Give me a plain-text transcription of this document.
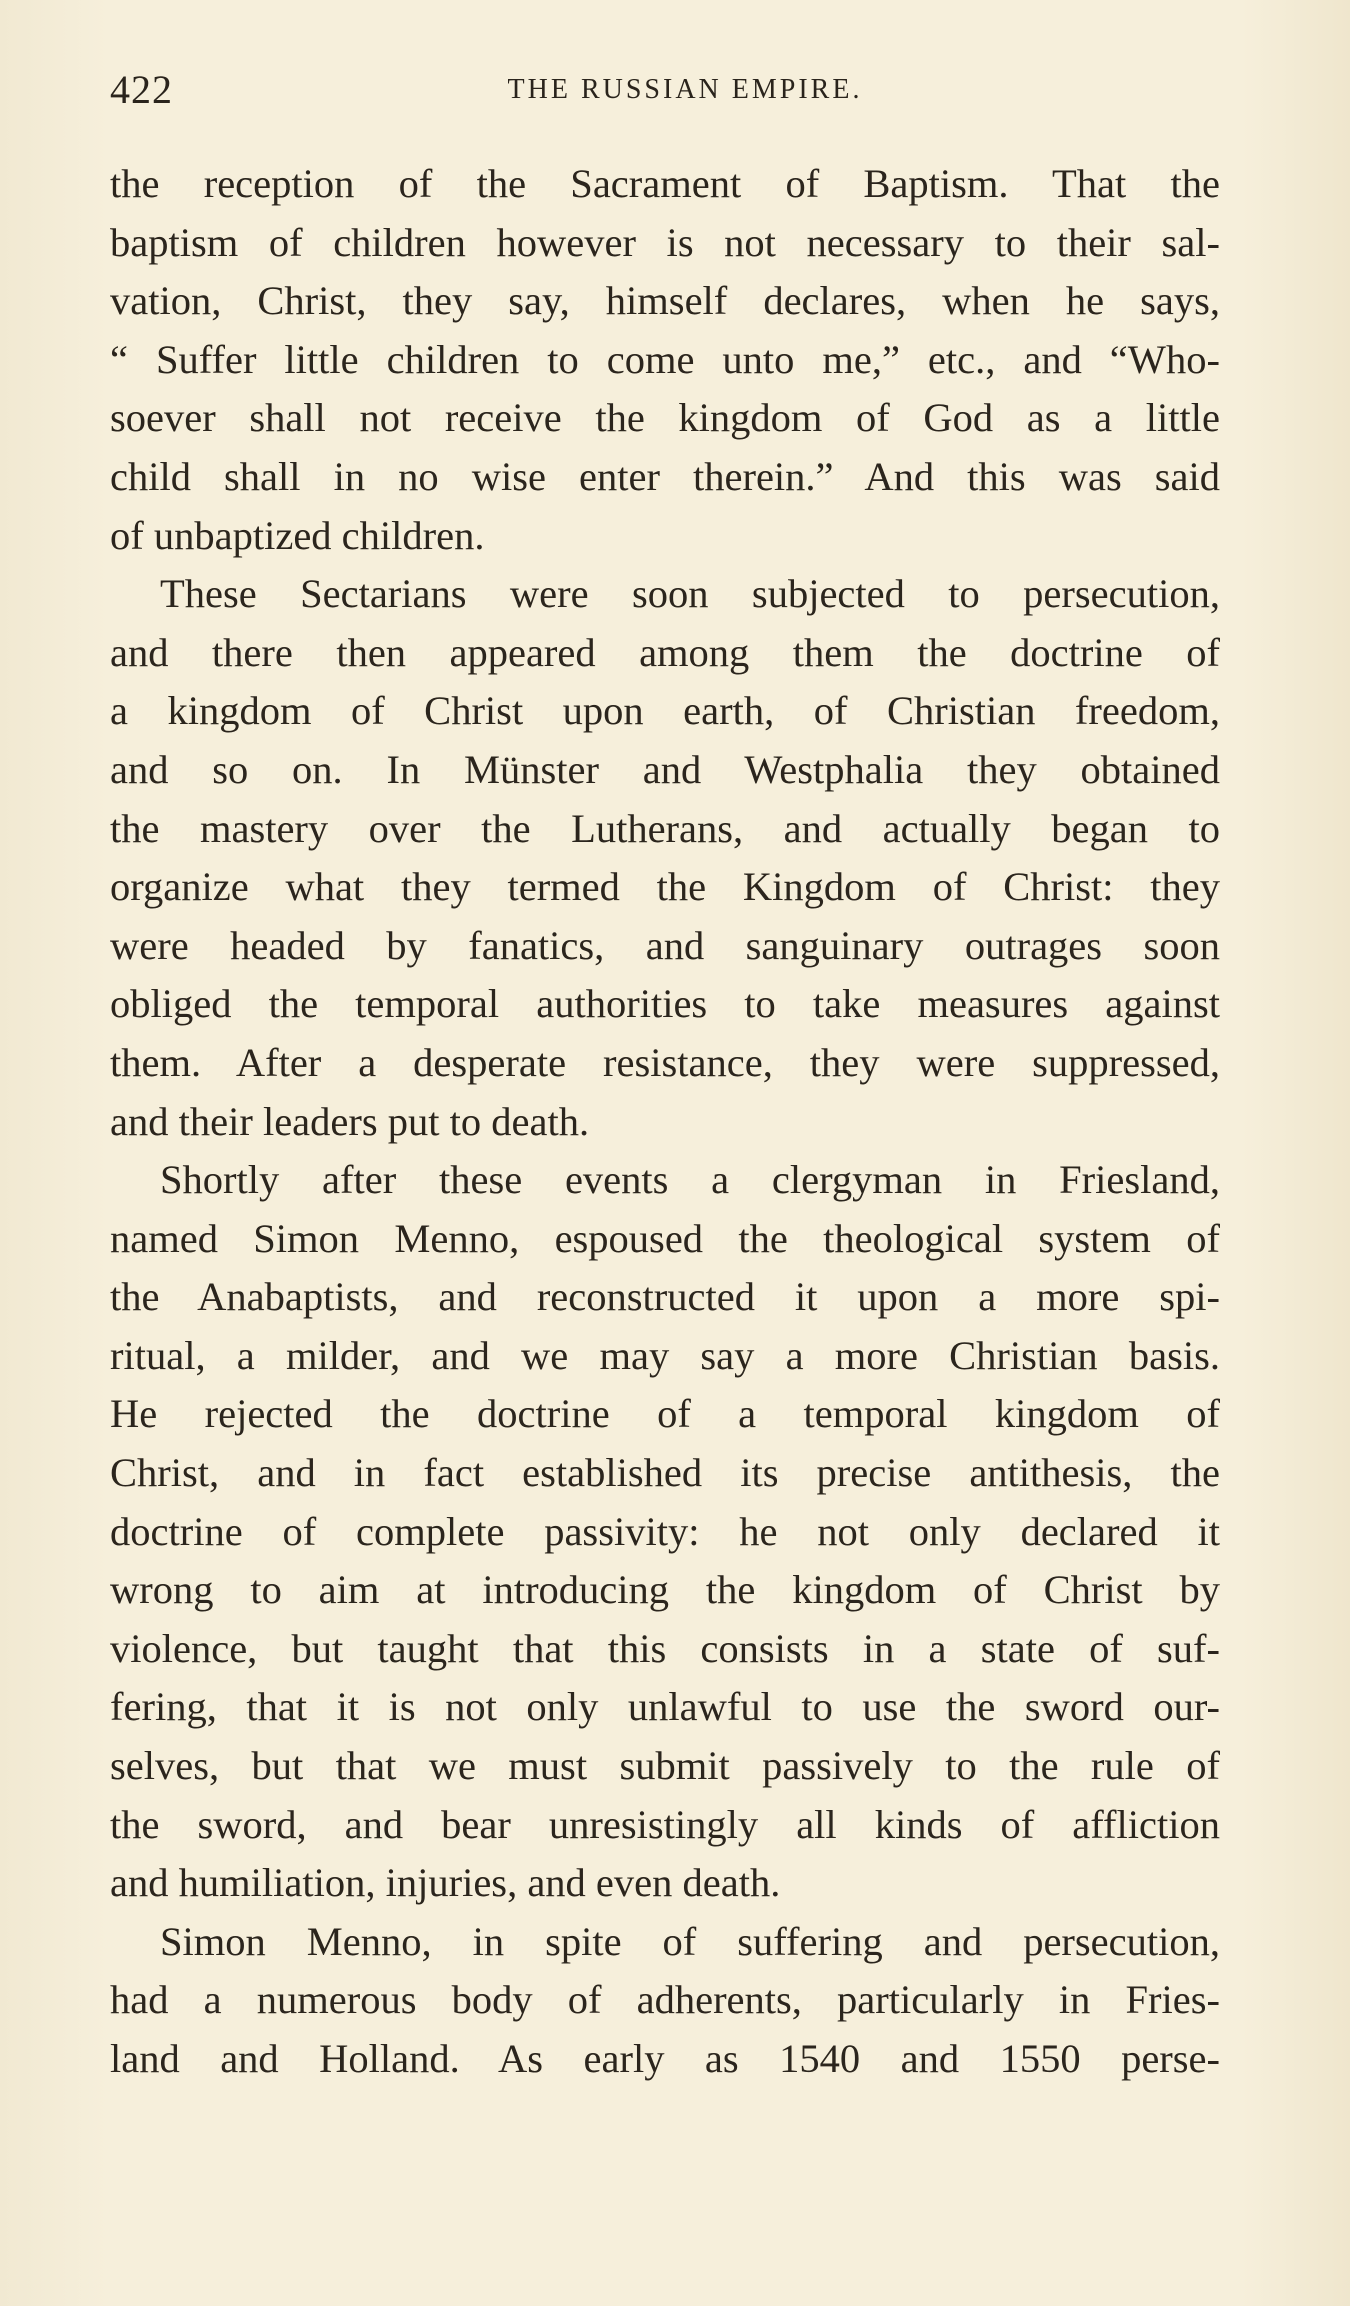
422	THE RUSSIAN EMPIRE.
the reception of the Sacrament of Baptism. That the
baptism of children however is not necessary to their sal-
vation, Christ, they say, himself declares, when he says,
“ Suffer little children to come unto me,” etc., and “Who-
soever shall not receive the kingdom of God as a little
child shall in no wise enter therein.” And this was said
of unbaptized children.
These Sectarians were soon subjected to persecution,
and there then appeared among them the doctrine of
a kingdom of Christ upon earth, of Christian freedom,
and so on. In Münster and Westphalia they obtained
the mastery over the Lutherans, and actually began to
organize what they termed the Kingdom of Christ: they
were headed by fanatics, and sanguinary outrages soon
obliged the temporal authorities to take measures against
them. After a desperate resistance, they were suppressed,
and their leaders put to death.
Shortly after these events a clergyman in Friesland,
named Simon Menno, espoused the theological system of
the Anabaptists, and reconstructed it upon a more spi-
ritual, a milder, and we may say a more Christian basis.
He rejected the doctrine of a temporal kingdom of
Christ, and in fact established its precise antithesis, the
doctrine of complete passivity: he not only declared it
wrong to aim at introducing the kingdom of Christ by
violence, but taught that this consists in a state of suf-
fering, that it is not only unlawful to use the sword our-
selves, but that we must submit passively to the rule of
the sword, and bear unresistingly all kinds of affliction
and humiliation, injuries, and even death.
Simon Menno, in spite of suffering and persecution,
had a numerous body of adherents, particularly in Fries-
land and Holland. As early as 1540 and 1550 perse-
